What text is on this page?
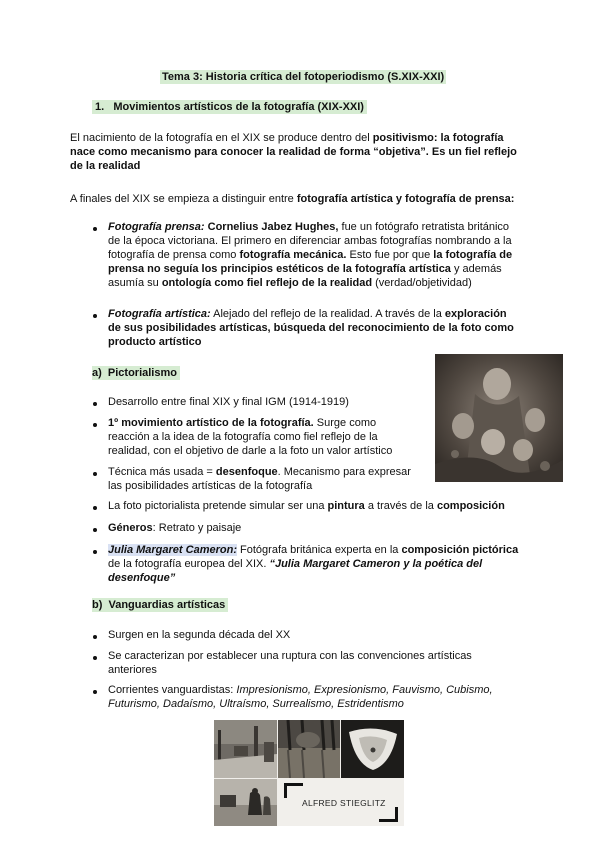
Tema 3: Historia crítica del fotoperiodismo (S.XIX-XXI)
1. Movimientos artísticos de la fotografía (XIX-XXI)
El nacimiento de la fotografía en el XIX se produce dentro del positivismo: la fotografía
nace como mecanismo para conocer la realidad de forma “objetiva”. Es un fiel reflejo
de la realidad
A finales del XIX se empieza a distinguir entre fotografía artística y fotografía de prensa:
Fotografía prensa: Cornelius Jabez Hughes, fue un fotógrafo retratista británico
de la época victoriana. El primero en diferenciar ambas fotografías nombrando a la
fotografía de prensa como fotografía mecánica. Esto fue por que la fotografía de
prensa no seguía los principios estéticos de la fotografía artística y además
asumía su ontología como fiel reflejo de la realidad (verdad/objetividad)
Fotografía artística: Alejado del reflejo de la realidad. A través de la exploración
de sus posibilidades artísticas, búsqueda del reconocimiento de la foto como
producto artístico
a)  Pictorialismo
Desarrollo entre final XIX y final IGM (1914-1919)
1º movimiento artístico de la fotografía. Surge como
reacción a la idea de la fotografía como fiel reflejo de la
realidad, con el objetivo de darle a la foto un valor artístico
Técnica más usada = desenfoque. Mecanismo para expresar
las posibilidades artísticas de la fotografía
La foto pictorialista pretende simular ser una pintura a través de la composición
Géneros: Retrato y paisaje
Julia Margaret Cameron: Fotógrafa británica experta en la composición pictórica
de la fotografía europea del XIX. “Julia Margaret Cameron y la poética del
desenfoque”
b)  Vanguardias artísticas
Surgen en la segunda década del XX
Se caracterizan por establecer una ruptura con las convenciones artísticas
anteriores
Corrientes vanguardistas: Impresionismo, Expresionismo, Fauvismo, Cubismo,
Futurismo, Dadaísmo, Ultraísmo, Surrealismo, Estridentismo
ALFRED STIEGLITZ
